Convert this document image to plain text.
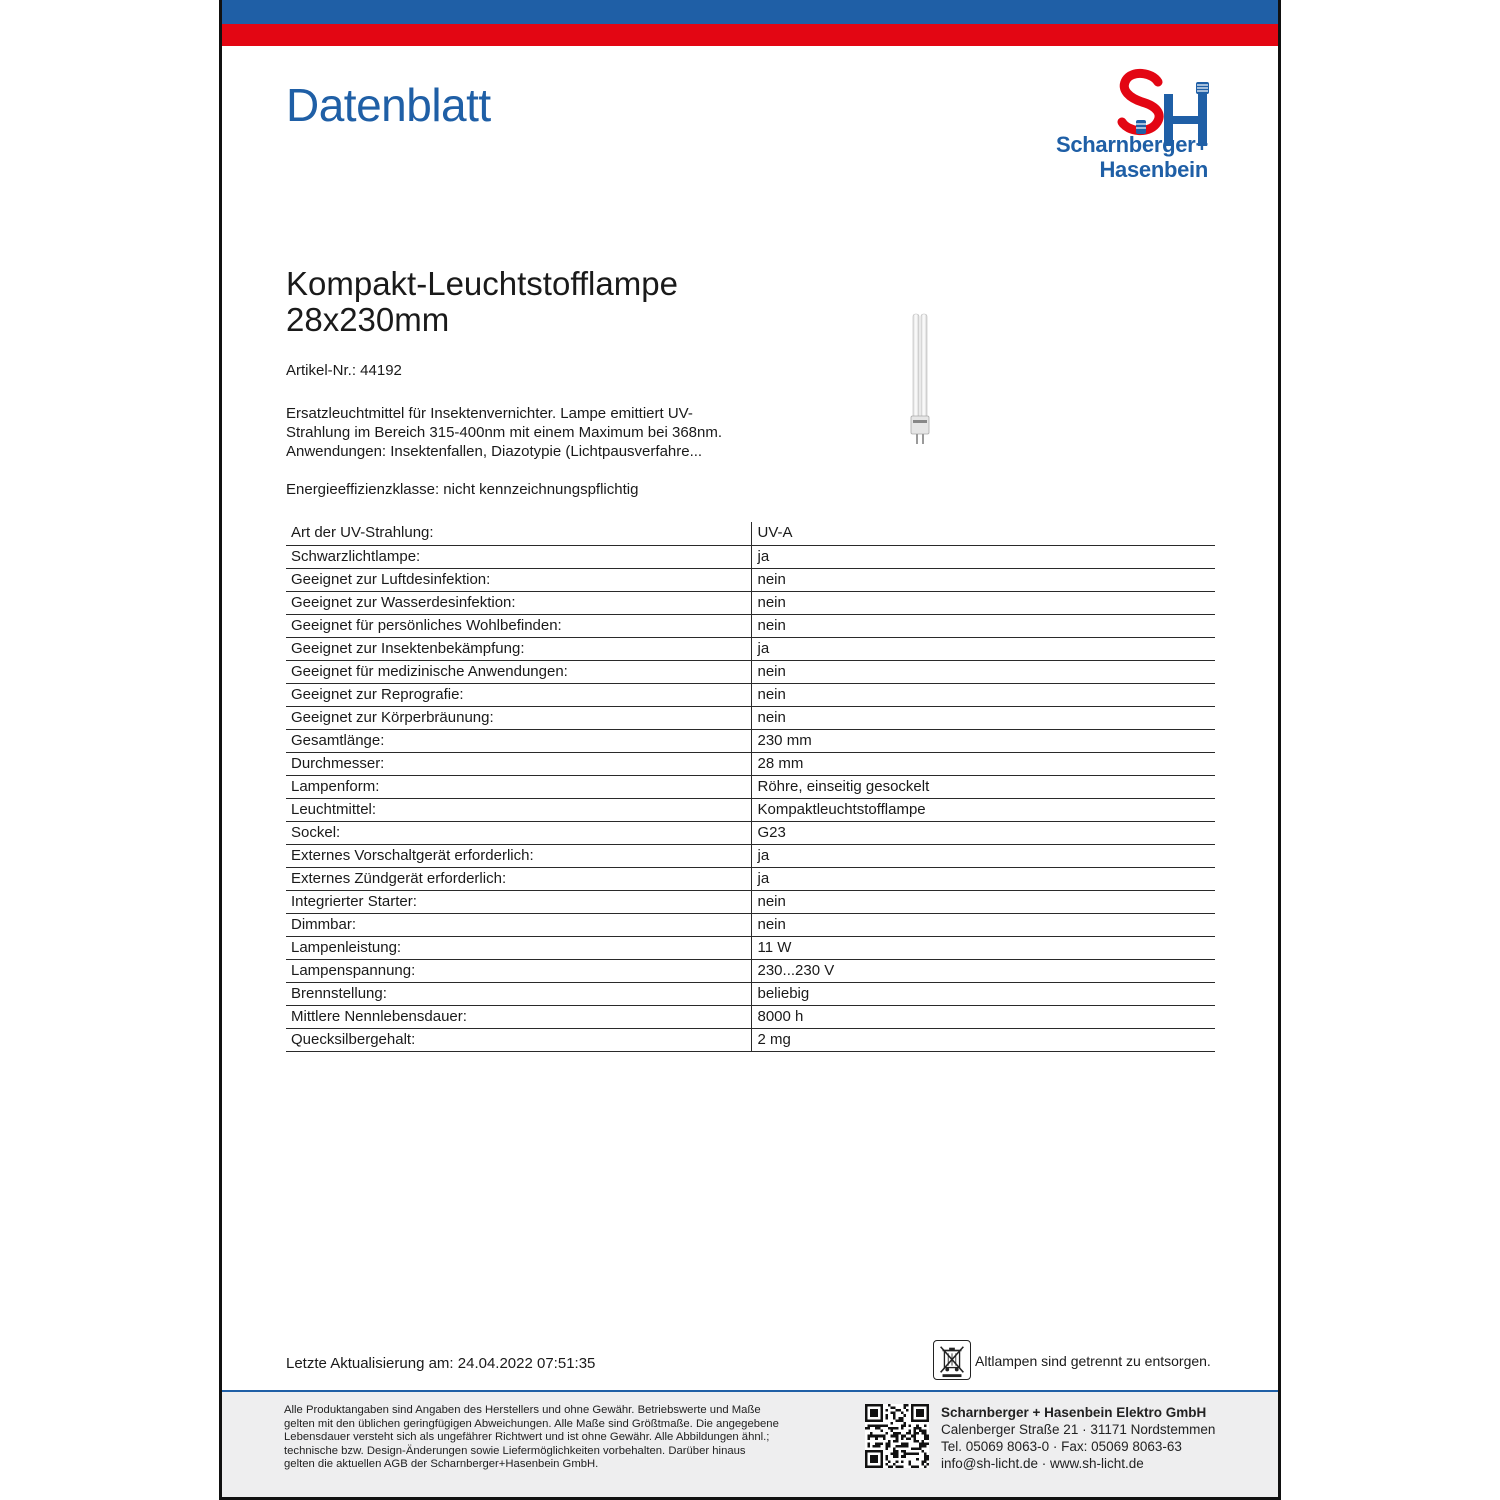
Datenblatt
Scharnberger+
Hasenbein
Kompakt-Leuchtstofflampe
28x230mm
Artikel-Nr.: 44192
Ersatzleuchtmittel für Insektenvernichter. Lampe emittiert UV-
Strahlung im Bereich 315-400nm mit einem Maximum bei 368nm.
Anwendungen: Insektenfallen, Diazotypie (Lichtpausverfahre...
Energieeffizienzklasse: nicht kennzeichnungspflichtig
Art der UV-Strahlung:	UV-A
Schwarzlichtlampe:	ja
Geeignet zur Luftdesinfektion:	nein
Geeignet zur Wasserdesinfektion:	nein
Geeignet für persönliches Wohlbefinden:	nein
Geeignet zur Insektenbekämpfung:	ja
Geeignet für medizinische Anwendungen:	nein
Geeignet zur Reprografie:	nein
Geeignet zur Körperbräunung:	nein
Gesamtlänge:	230 mm
Durchmesser:	28 mm
Lampenform:	Röhre, einseitig gesockelt
Leuchtmittel:	Kompaktleuchtstofflampe
Sockel:	G23
Externes Vorschaltgerät erforderlich:	ja
Externes Zündgerät erforderlich:	ja
Integrierter Starter:	nein
Dimmbar:	nein
Lampenleistung:	11 W
Lampenspannung:	230...230 V
Brennstellung:	beliebig
Mittlere Nennlebensdauer:	8000 h
Quecksilbergehalt:	2 mg
Letzte Aktualisierung am: 24.04.2022 07:51:35	Altlampen sind getrennt zu entsorgen.
Alle Produktangaben sind Angaben des Herstellers und ohne Gewähr. Betriebswerte und Maße
gelten mit den üblichen geringfügigen Abweichungen. Alle Maße sind Größtmaße. Die angegebene
Lebensdauer versteht sich als ungefährer Richtwert und ist ohne Gewähr. Alle Abbildungen ähnl.;
technische bzw. Design-Änderungen sowie Liefermöglichkeiten vorbehalten. Darüber hinaus
gelten die aktuellen AGB der Scharnberger+Hasenbein GmbH.
Scharnberger + Hasenbein Elektro GmbH
Calenberger Straße 21 · 31171 Nordstemmen
Tel. 05069 8063-0 · Fax: 05069 8063-63
info@sh-licht.de · www.sh-licht.de
